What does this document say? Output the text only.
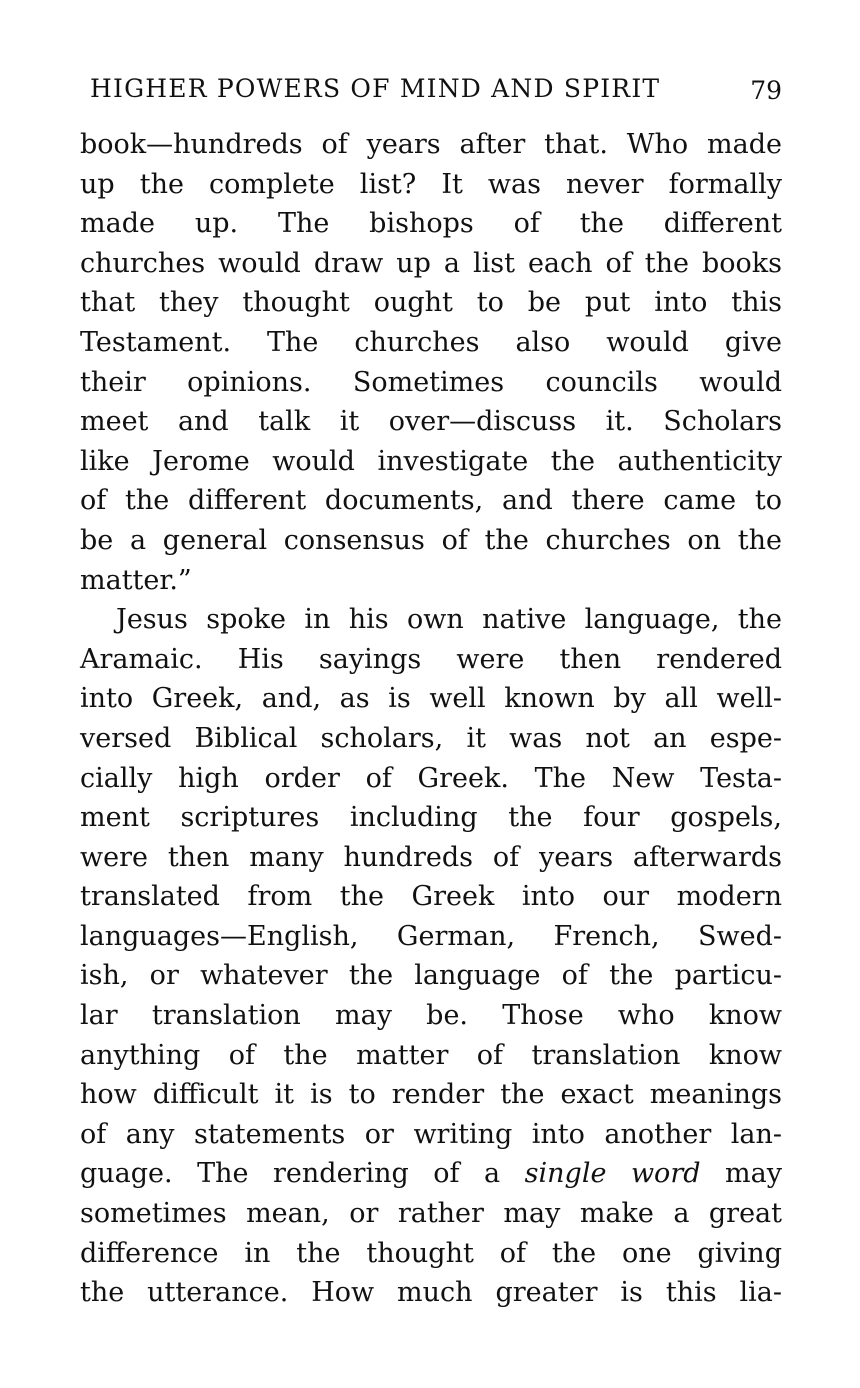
HIGHER POWERS OF MIND AND SPIRIT	79
book—hundreds of years after that. Who made
up the complete list? It was never formally
made up. The bishops of the different
churches would draw up a list each of the books
that they thought ought to be put into this
Testament. The churches also would give
their opinions. Sometimes councils would
meet and talk it over—discuss it. Scholars
like Jerome would investigate the authenticity
of the different documents, and there came to
be a general consensus of the churches on the
matter.”
Jesus spoke in his own native language, the
Aramaic. His sayings were then rendered
into Greek, and, as is well known by all well-
versed Biblical scholars, it was not an espe-
cially high order of Greek. The New Testa-
ment scriptures including the four gospels,
were then many hundreds of years afterwards
translated from the Greek into our modern
languages—English, German, French, Swed-
ish, or whatever the language of the particu-
lar translation may be. Those who know
anything of the matter of translation know
how difficult it is to render the exact meanings
of any statements or writing into another lan-
guage. The rendering of a single word may
sometimes mean, or rather may make a great
difference in the thought of the one giving
the utterance. How much greater is this lia-
